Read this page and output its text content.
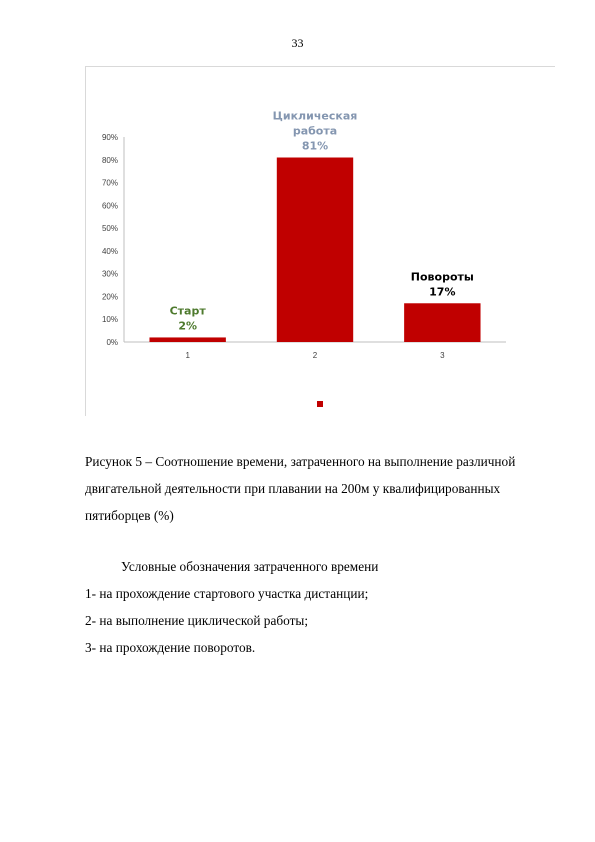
33
0%
10%
20%
30%
40%
50%
60%
70%
80%
90%
1
Старт
2%
2
Циклическая
работа
81%
3
Повороты
17%
Рисунок 5 – Соотношение времени, затраченного на выполнение различной двигательной деятельности при плавании на 200м у квалифицированных пятиборцев (%)
Условные обозначения затраченного времени
1- на прохождение стартового участка дистанции;
2- на выполнение циклической работы;
3- на прохождение поворотов.
